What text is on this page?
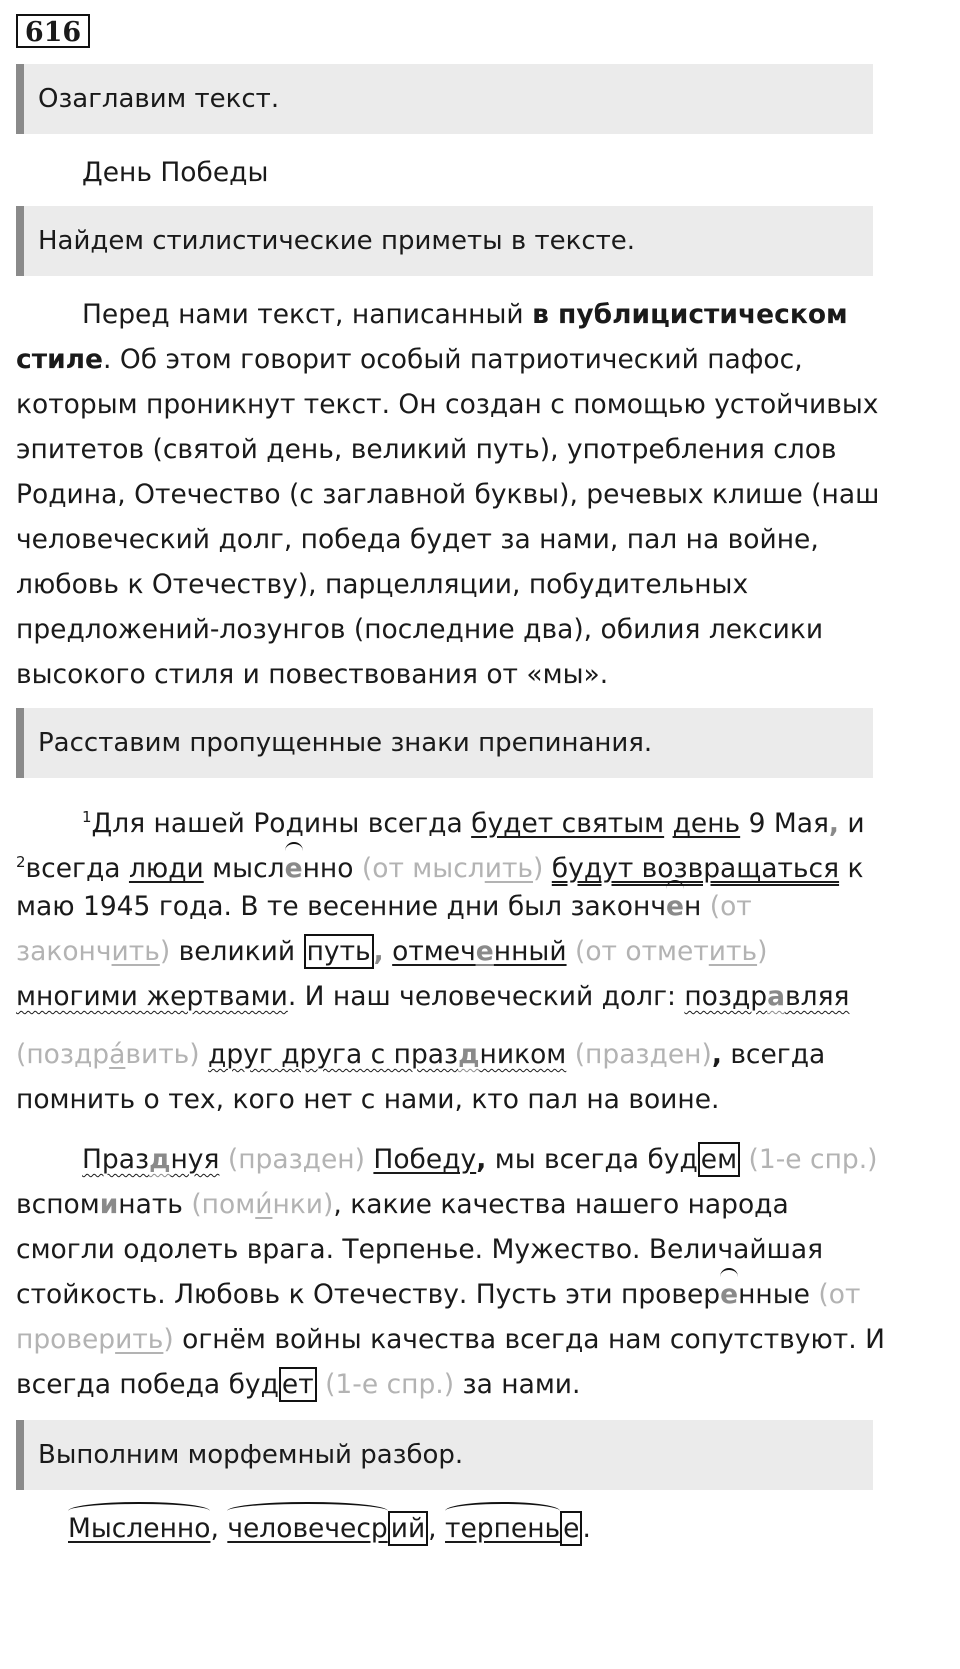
616
Озаглавим текст.
День Победы
Найдем стилистические приметы в тексте.
Перед нами текст, написанный в публицистическом
стиле. Об этом говорит особый патриотический пафос,
которым проникнут текст. Он создан с помощью устойчивых
эпитетов (святой день, великий путь), употребления слов
Родина, Отечество (с заглавной буквы), речевых клише (наш
человеческий долг, победа будет за нами, пал на войне,
любовь к Отечеству), парцелляции, побудительных
предложений-лозунгов (последние два), обилия лексики
высокого стиля и повествования от «мы».
Расставим пропущенные знаки препинания.
$^1$Для нашей Родины всегда будет святым день 9 Мая, и
$^2$всегда люди мысленно (от мыслить) будут возвращаться к
маю 1945 года. В те весенние дни был закончен (от
закончить) великий путь , отмеченный (от отметить)
многими жертвами. И наш человеческий долг: поздравляя
(поздра́вить) друг друга с праздником (празден), всегда
помнить о тех, кого нет с нами, кто пал на воине.
Празднуя (празден) Победу, мы всегда буд ем (1-е спр.)
вспоминать (поми́нки), какие качества нашего народа
смогли одолеть врага. Терпенье. Мужество. Величайшая
стойкость. Любовь к Отечеству. Пусть эти проверенные (от
проверить) огнём войны качества всегда нам сопутствуют. И
всегда победа буд ет (1-е спр.) за нами.
Выполним морфемный разбор.
Мысленно, человечеср ий , терпень е .
